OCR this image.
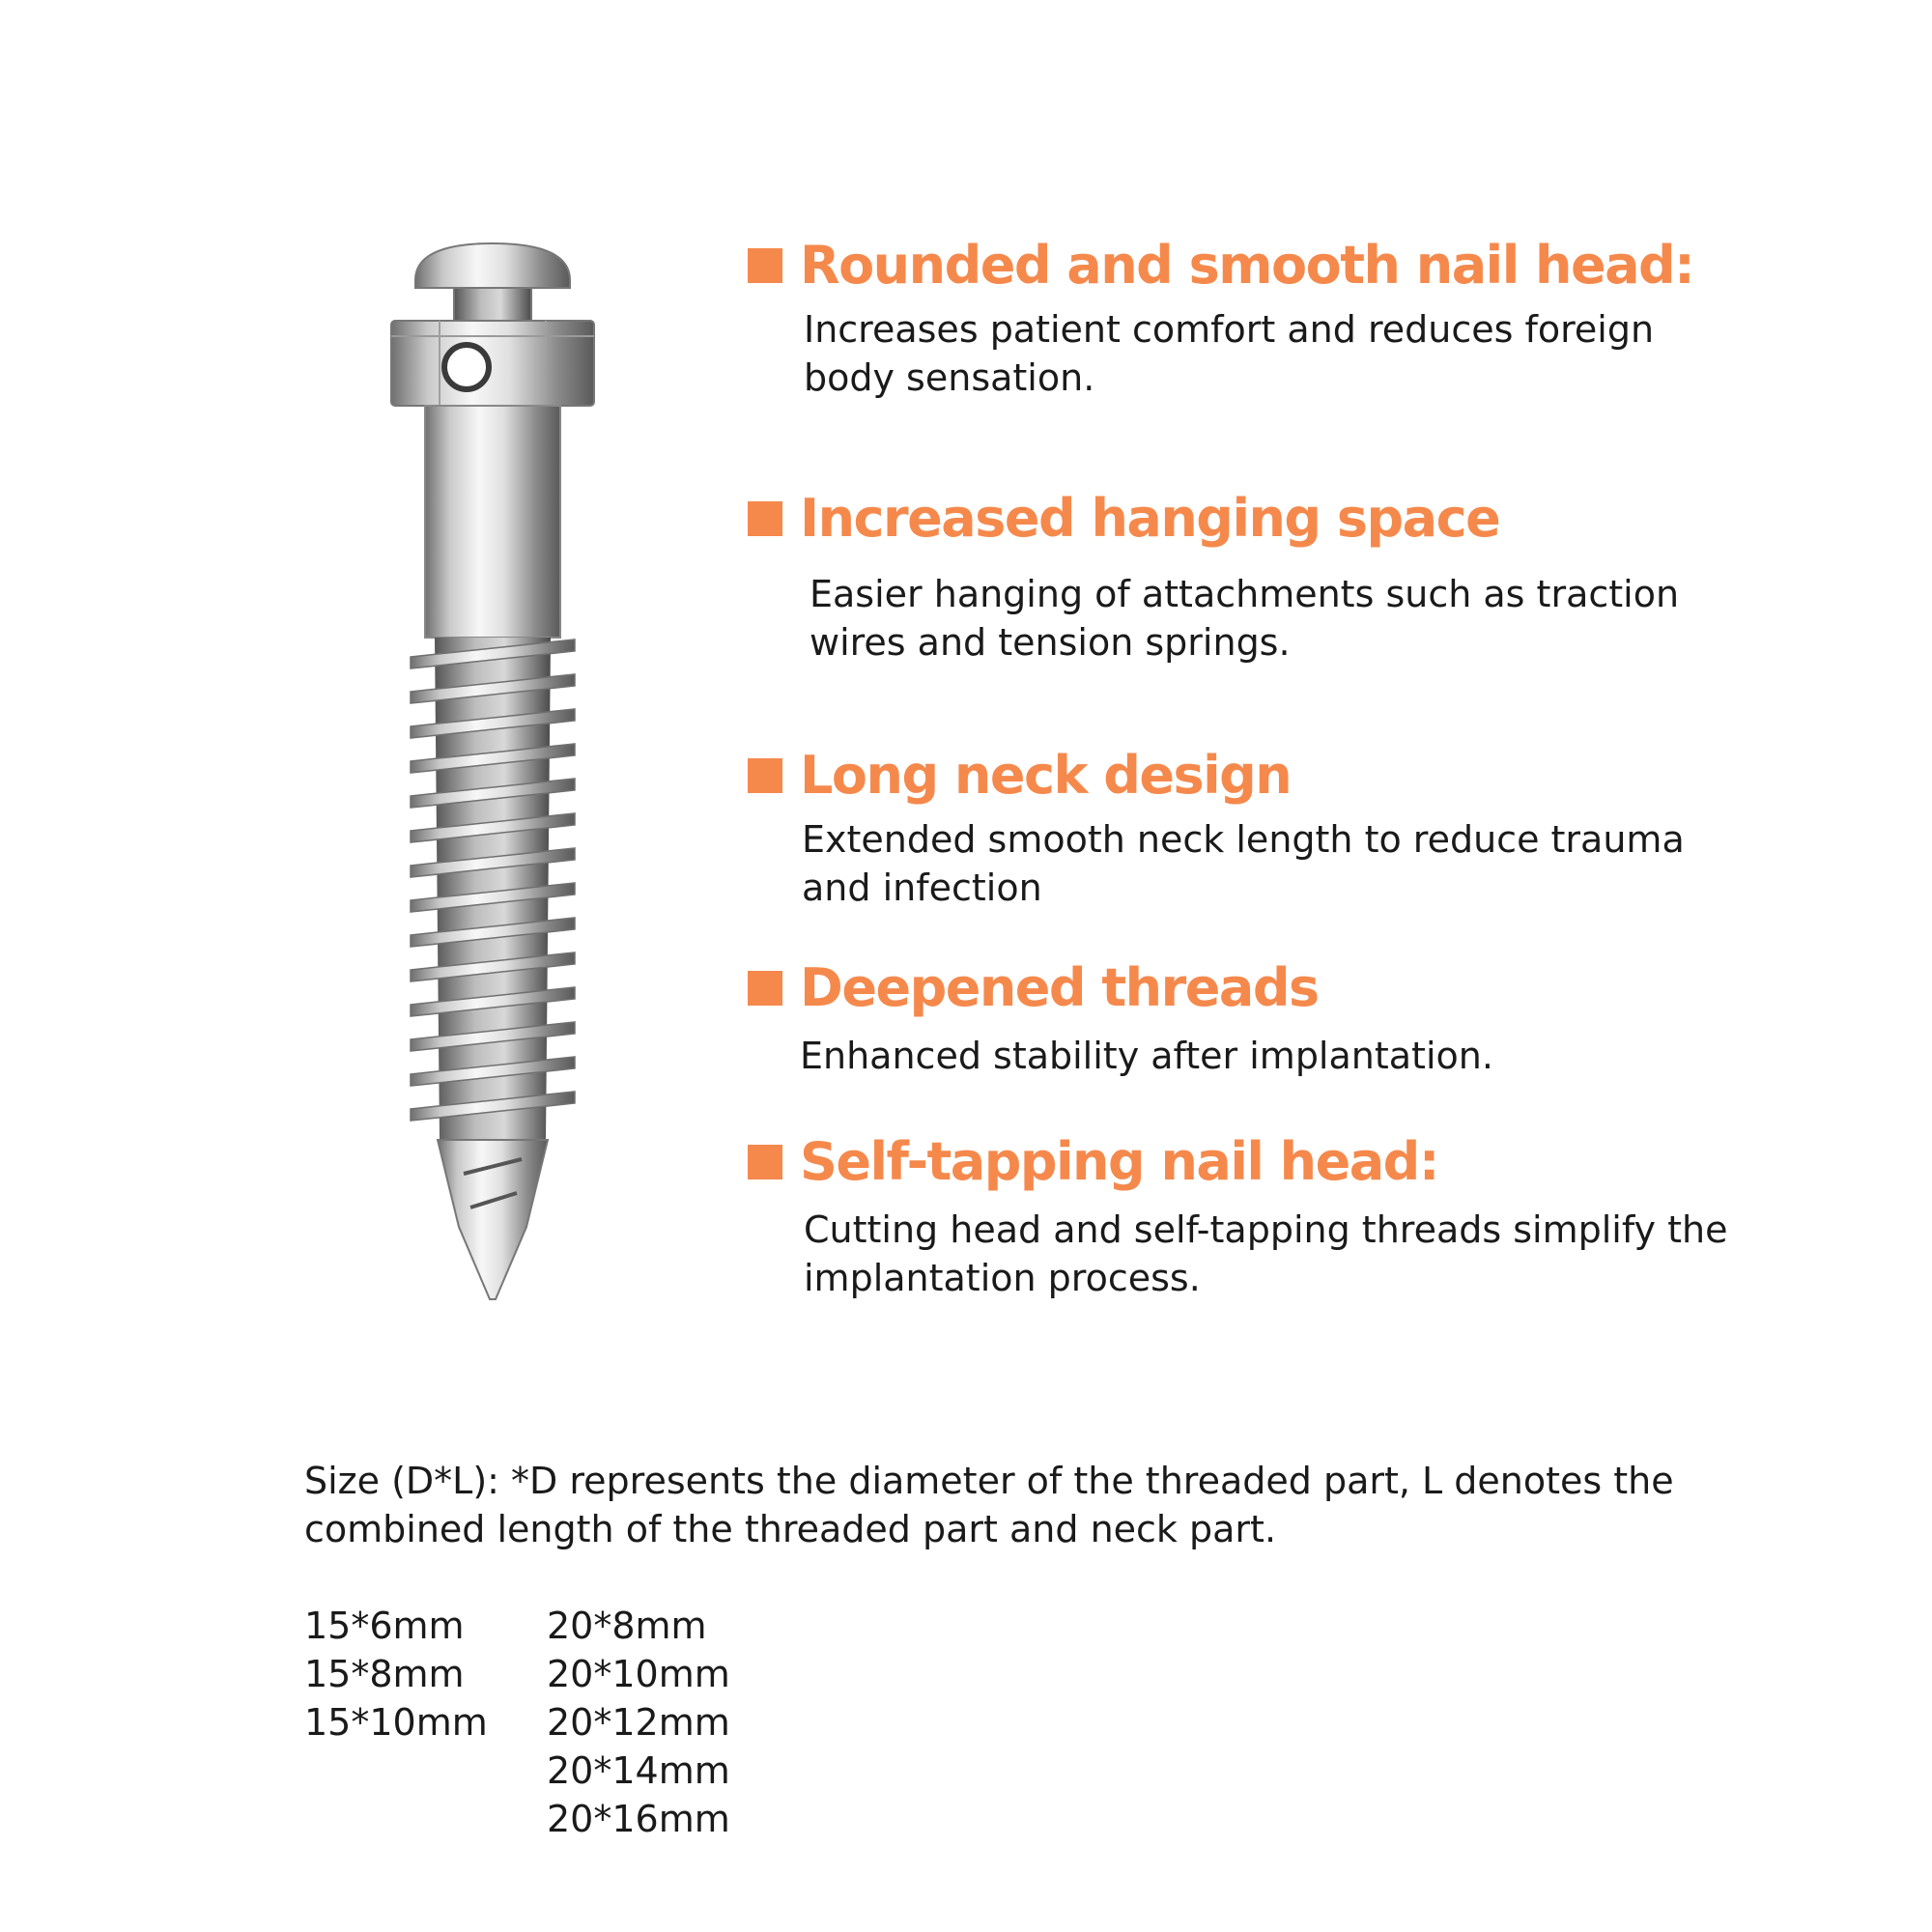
Rounded and smooth nail head:
Increases patient comfort and reduces foreign body sensation.
Increased hanging space
Easier hanging of attachments such as traction wires and tension springs.
Long neck design
Extended smooth neck length to reduce trauma and infection
Deepened threads
Enhanced stability after implantation.
Self-tapping nail head:
Cutting head and self-tapping threads simplify the implantation process.
Size (D*L): *D represents the diameter of the threaded part, L denotes the combined length of the threaded part and neck part.
15*6mm
15*8mm
15*10mm
20*8mm
20*10mm
20*12mm
20*14mm
20*16mm
